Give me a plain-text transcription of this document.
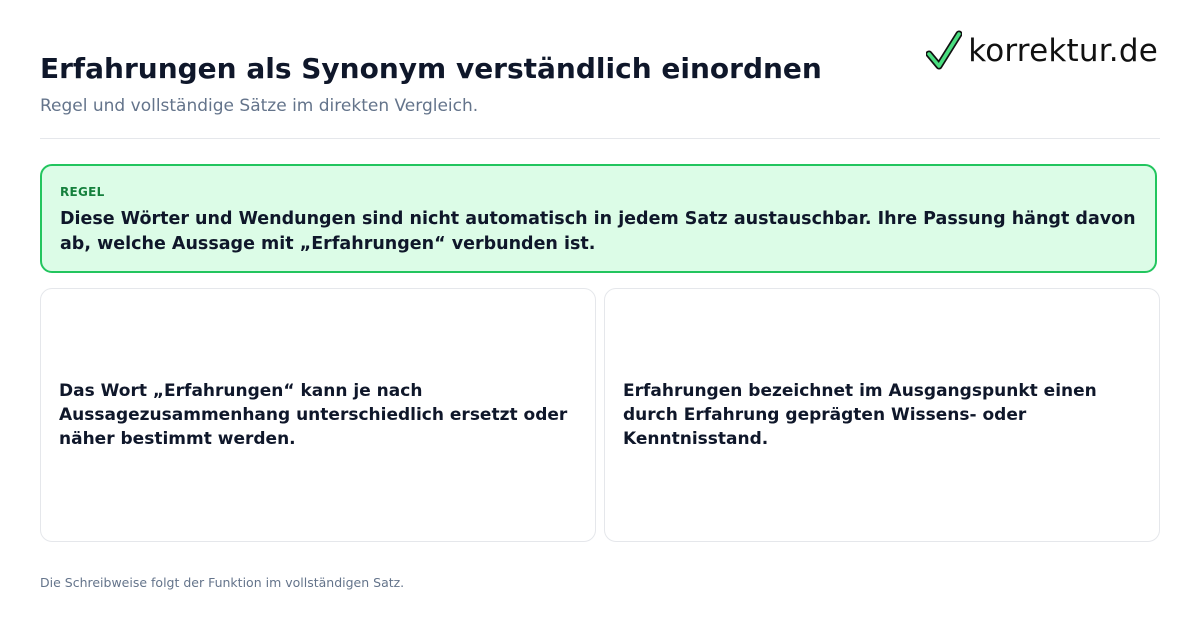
Erfahrungen als Synonym verständlich einordnen
Regel und vollständige Sätze im direkten Vergleich.
korrektur.de
REGEL
Diese Wörter und Wendungen sind nicht automatisch in jedem Satz austauschbar. Ihre Passung hängt davon ab, welche Aussage mit „Erfahrungen“ verbunden ist.
Das Wort „Erfahrungen“ kann je nach Aussagezusammenhang unterschiedlich ersetzt oder näher bestimmt werden.
Erfahrungen bezeichnet im Ausgangspunkt einen durch Erfahrung geprägten Wissens- oder Kenntnisstand.
Die Schreibweise folgt der Funktion im vollständigen Satz.
